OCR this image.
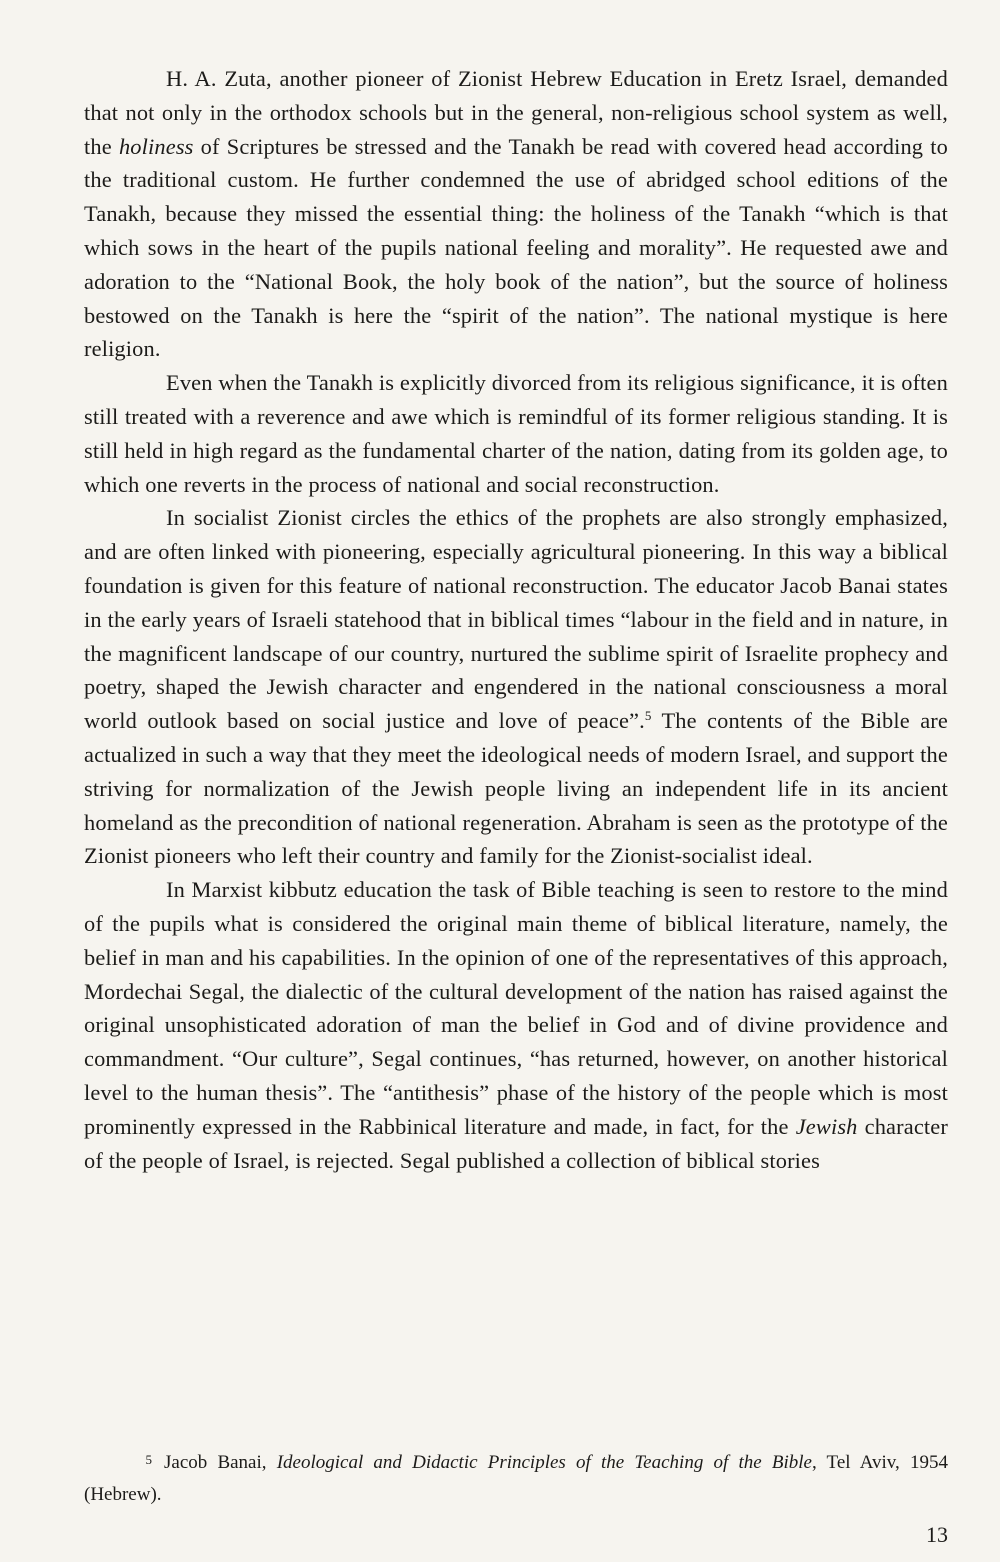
H. A. Zuta, another pioneer of Zionist Hebrew Education in Eretz Israel, demanded that not only in the orthodox schools but in the general, non-religious school system as well, the holiness of Scriptures be stressed and the Tanakh be read with covered head according to the traditional custom. He further condemned the use of abridged school editions of the Tanakh, because they missed the essential thing: the holiness of the Tanakh “which is that which sows in the heart of the pupils national feeling and morality”. He requested awe and adoration to the “National Book, the holy book of the nation”, but the source of holiness bestowed on the Tanakh is here the “spirit of the nation”. The national mystique is here religion.

Even when the Tanakh is explicitly divorced from its religious significance, it is often still treated with a reverence and awe which is remindful of its former religious standing. It is still held in high regard as the fundamental charter of the nation, dating from its golden age, to which one reverts in the process of national and social reconstruction.

In socialist Zionist circles the ethics of the prophets are also strongly emphasized, and are often linked with pioneering, especially agricultural pioneering. In this way a biblical foundation is given for this feature of national reconstruction. The educator Jacob Banai states in the early years of Israeli statehood that in biblical times “labour in the field and in nature, in the magnificent landscape of our country, nurtured the sublime spirit of Israelite prophecy and poetry, shaped the Jewish character and engendered in the national consciousness a moral world outlook based on social justice and love of peace”.$^5$ The contents of the Bible are actualized in such a way that they meet the ideological needs of modern Israel, and support the striving for normalization of the Jewish people living an independent life in its ancient homeland as the precondition of national regeneration. Abraham is seen as the prototype of the Zionist pioneers who left their country and family for the Zionist-socialist ideal.

In Marxist kibbutz education the task of Bible teaching is seen to restore to the mind of the pupils what is considered the original main theme of biblical literature, namely, the belief in man and his capabilities. In the opinion of one of the representatives of this approach, Mordechai Segal, the dialectic of the cultural development of the nation has raised against the original unsophisticated adoration of man the belief in God and of divine providence and commandment. “Our culture”, Segal continues, “has returned, however, on another historical level to the human thesis”. The “antithesis” phase of the history of the people which is most prominently expressed in the Rabbinical literature and made, in fact, for the Jewish character of the people of Israel, is rejected. Segal published a collection of biblical stories

5 Jacob Banai, Ideological and Didactic Principles of the Teaching of the Bible, Tel Aviv, 1954 (Hebrew).

13
